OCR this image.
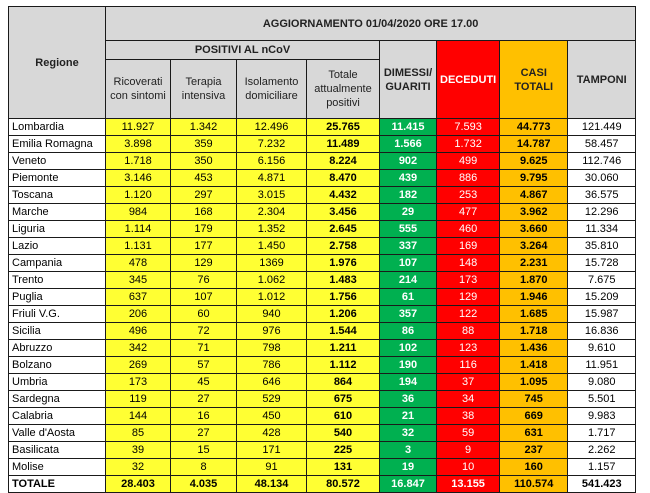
Regione	AGGIORNAMENTO 01/04/2020 ORE 17.00							
	POSITIVI AL nCoV				DIMESSI/ GUARITI	DECEDUTI	CASI TOTALI	TAMPONI
	Ricoverati con sintomi	Terapia intensiva	Isolamento domiciliare	Totale attualmente positivi				
Lombardia	11.927	1.342	12.496	25.765	11.415	7.593	44.773	121.449
Emilia Romagna	3.898	359	7.232	11.489	1.566	1.732	14.787	58.457
Veneto	1.718	350	6.156	8.224	902	499	9.625	112.746
Piemonte	3.146	453	4.871	8.470	439	886	9.795	30.060
Toscana	1.120	297	3.015	4.432	182	253	4.867	36.575
Marche	984	168	2.304	3.456	29	477	3.962	12.296
Liguria	1.114	179	1.352	2.645	555	460	3.660	11.334
Lazio	1.131	177	1.450	2.758	337	169	3.264	35.810
Campania	478	129	1369	1.976	107	148	2.231	15.728
Trento	345	76	1.062	1.483	214	173	1.870	7.675
Puglia	637	107	1.012	1.756	61	129	1.946	15.209
Friuli V.G.	206	60	940	1.206	357	122	1.685	15.987
Sicilia	496	72	976	1.544	86	88	1.718	16.836
Abruzzo	342	71	798	1.211	102	123	1.436	9.610
Bolzano	269	57	786	1.112	190	116	1.418	11.951
Umbria	173	45	646	864	194	37	1.095	9.080
Sardegna	119	27	529	675	36	34	745	5.501
Calabria	144	16	450	610	21	38	669	9.983
Valle d'Aosta	85	27	428	540	32	59	631	1.717
Basilicata	39	15	171	225	3	9	237	2.262
Molise	32	8	91	131	19	10	160	1.157
TOTALE	28.403	4.035	48.134	80.572	16.847	13.155	110.574	541.423
